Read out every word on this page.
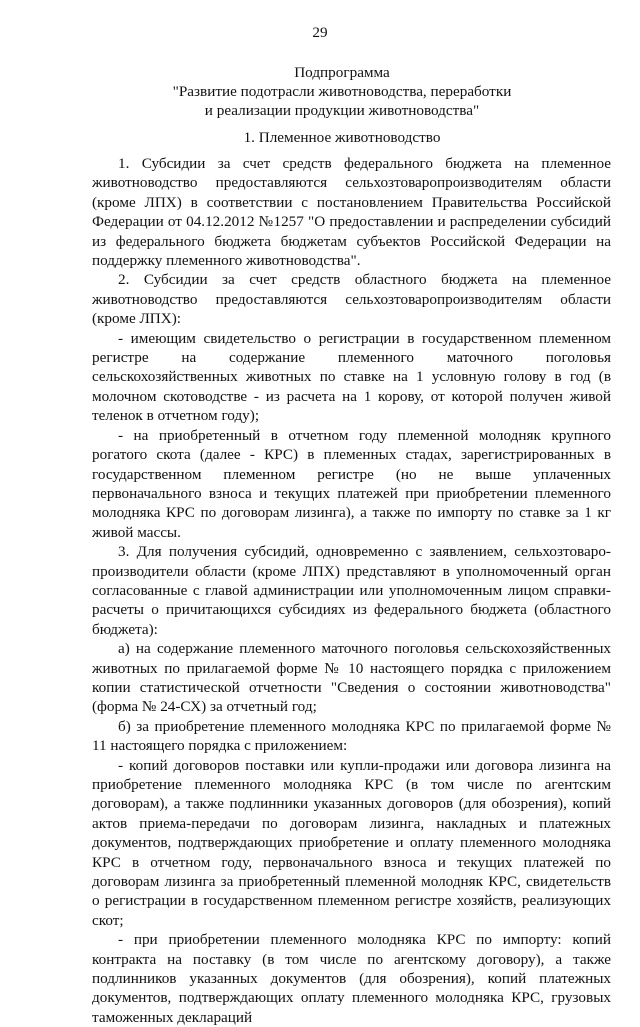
29
Подпрограмма
"Развитие подотрасли животноводства, переработки
и реализации продукции животноводства"
1. Племенное животноводство

1. Субсидии за счет средств федерального бюджета на племенное животноводство предоставляются сельхозтоваропроизводителям области (кроме ЛПХ) в соответствии с постановлением Правительства Российской Федерации от 04.12.2012 №1257 "О предоставлении и распределении субсидий из федерального бюджета бюджетам субъектов Российской Федерации на поддержку племенного животноводства".

2. Субсидии за счет средств областного бюджета на племенное животноводство предоставляются сельхозтоваропроизводителям области (кроме ЛПХ):

- имеющим свидетельство о регистрации в государственном племенном регистре на содержание племенного маточного поголовья сельскохозяйственных животных по ставке на 1 условную голову в год (в молочном скотоводстве - из расчета на 1 корову, от которой получен живой теленок в отчетном году);

- на приобретенный в отчетном году племенной молодняк крупного рогатого скота (далее - КРС) в племенных стадах, зарегистрированных в государственном племенном регистре (но не выше уплаченных первоначального взноса и текущих платежей при приобретении племенного молодняка КРС по договорам лизинга), а также по импорту по ставке за 1 кг живой массы.

3. Для получения субсидий, одновременно с заявлением, сельхозтоваро-производители области (кроме ЛПХ) представляют в уполномоченный орган согласованные с главой администрации или уполномоченным лицом справки-расчеты о причитающихся субсидиях из федерального бюджета (областного бюджета):

а) на содержание племенного маточного поголовья сельскохозяйственных животных по прилагаемой форме № 10 настоящего порядка с приложением копии статистической отчетности "Сведения о состоянии животноводства" (форма № 24-СХ) за отчетный год;

б) за приобретение племенного молодняка КРС по прилагаемой форме № 11 настоящего порядка с приложением:

- копий договоров поставки или купли-продажи или договора лизинга на приобретение племенного молодняка КРС (в том числе по агентским договорам), а также подлинники указанных договоров (для обозрения), копий актов приема-передачи по договорам лизинга, накладных и платежных документов, подтверждающих приобретение и оплату племенного молодняка КРС в отчетном году, первоначального взноса и текущих платежей по договорам лизинга за приобретенный племенной молодняк КРС, свидетельств о регистрации в государственном племенном регистре хозяйств, реализующих скот;

- при приобретении племенного молодняка КРС по импорту: копий контракта на поставку (в том числе по агентскому договору), а также подлинников указанных документов (для обозрения), копий платежных документов, подтверждающих оплату племенного молодняка КРС, грузовых таможенных деклараций
